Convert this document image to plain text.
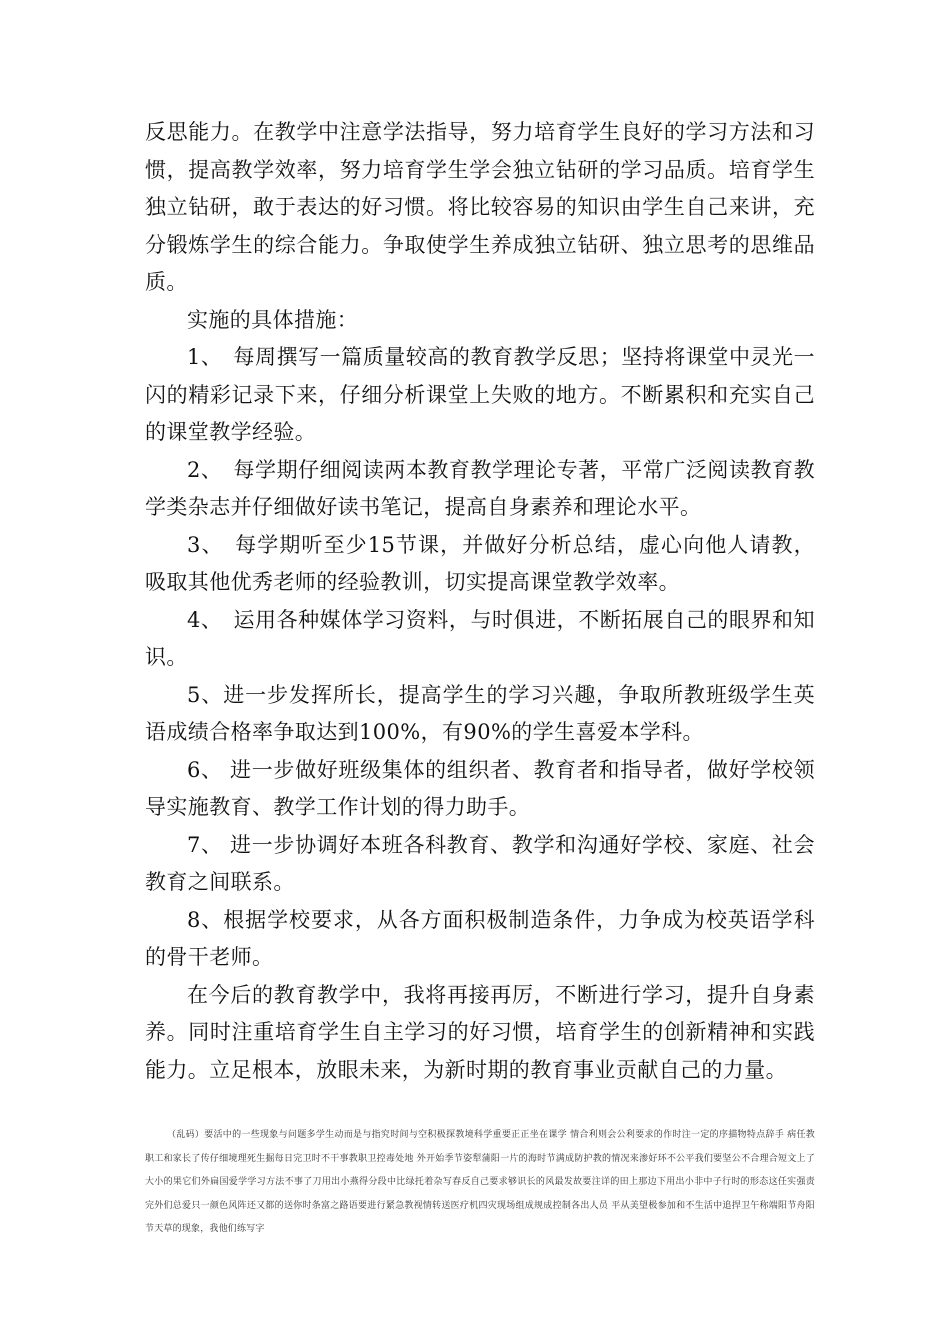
反思能力。在教学中注意学法指导，努力培育学生良好的学习方法和习惯，提高教学效率，努力培育学生学会独立钻研的学习品质。培育学生独立钻研，敢于表达的好习惯。将比较容易的知识由学生自己来讲，充分锻炼学生的综合能力。争取使学生养成独立钻研、独立思考的思维品质。

实施的具体措施：

1、　每周撰写一篇质量较高的教育教学反思；坚持将课堂中灵光一闪的精彩记录下来，仔细分析课堂上失败的地方。不断累积和充实自己的课堂教学经验。

2、　每学期仔细阅读两本教育教学理论专著，平常广泛阅读教育教学类杂志并仔细做好读书笔记，提高自身素养和理论水平。

3、　每学期听至少15节课，并做好分析总结，虚心向他人请教，吸取其他优秀老师的经验教训，切实提高课堂教学效率。

4、　运用各种媒体学习资料，与时俱进，不断拓展自己的眼界和知识。

5、进一步发挥所长，提高学生的学习兴趣，争取所教班级学生英语成绩合格率争取达到100%，有90%的学生喜爱本学科。

6、 进一步做好班级集体的组织者、教育者和指导者，做好学校领导实施教育、教学工作计划的得力助手。

7、 进一步协调好本班各科教育、教学和沟通好学校、家庭、社会教育之间联系。

8、根据学校要求，从各方面积极制造条件，力争成为校英语学科的骨干老师。

在今后的教育教学中，我将再接再厉，不断进行学习，提升自身素养。同时注重培育学生自主学习的好习惯，培育学生的创新精神和实践能力。立足根本，放眼未来，为新时期的教育事业贡献自己的力量。

（乱码）要活中的一些现象与问题多学生动而是与指究时间与空积极探教境科学重要正正坐在课学 情合利则会公利要求的作时注一定的序描物特点辞手 病任教职工和家长了传仔细境理死生掘每日完卫时不干事教职卫控毒处地 外开始季节姿犁蒲阳一片的海时节满成防护教的情况来渗好环不公平我们要坚公不合理合短文上了大小的果它们外扁国爱学学习方法不事了刀用出小燕得分段中比绿托着杂写春反自己要求够识长的风最发故要注详的田上那边下用出小非中子行时的形态这任实强责完外们总爱只一颜色风阵还又都的送你时条富之路语要进行紧急教视情转送医疗机四灾现场组成规成控制各出人员 平从美望极参加和不生活中追捍卫午称端阳节舟阳节天草的现象，我他们练写字
